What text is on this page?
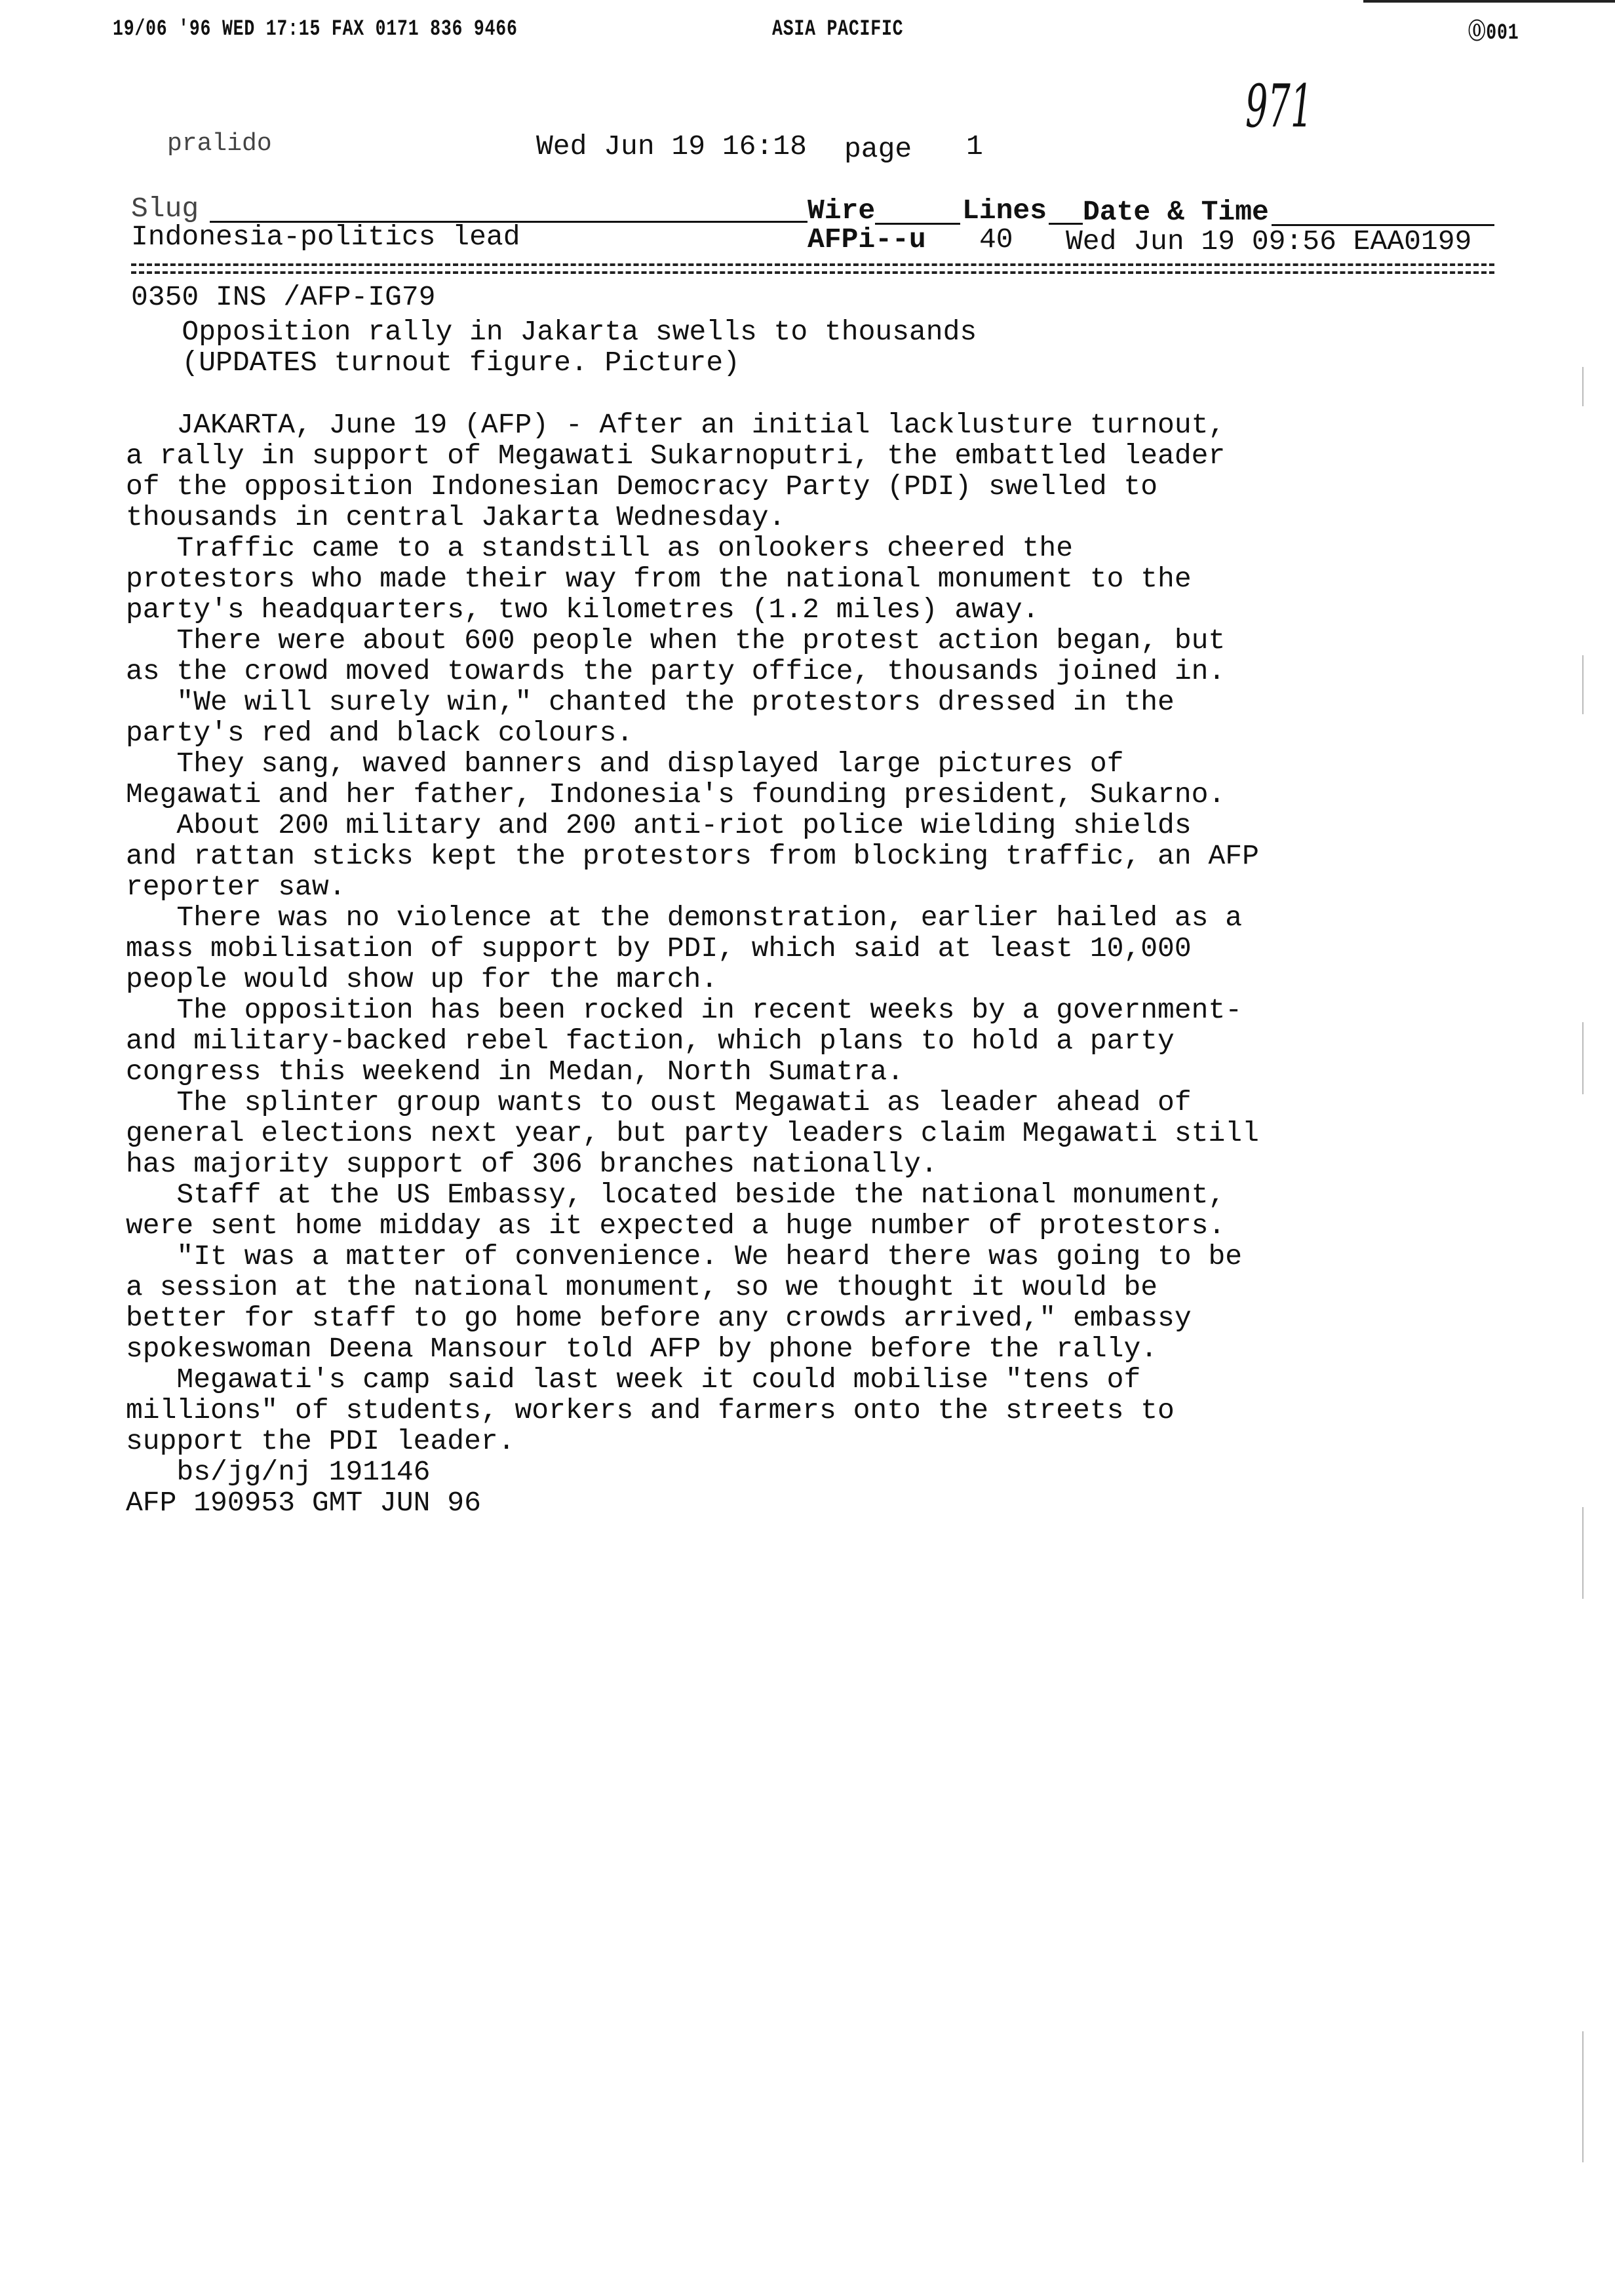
19/06 '96 WED 17:15 FAX 0171 836 9466	ASIA PACIFIC	⓪001
971
pralido	Wed Jun 19 16:18 page 1
Slug	Wire	Lines Date & Time
Indonesia-politics lead	AFPi--u 40 Wed Jun 19 09:56 EAA0199
0350 INS /AFP-IG79
Opposition rally in Jakarta swells to thousands
(UPDATES turnout figure. Picture)
JAKARTA, June 19 (AFP) - After an initial lacklusture turnout,
a rally in support of Megawati Sukarnoputri, the embattled leader
of the opposition Indonesian Democracy Party (PDI) swelled to
thousands in central Jakarta Wednesday.
Traffic came to a standstill as onlookers cheered the
protestors who made their way from the national monument to the
party's headquarters, two kilometres (1.2 miles) away.
There were about 600 people when the protest action began, but
as the crowd moved towards the party office, thousands joined in.
"We will surely win," chanted the protestors dressed in the
party's red and black colours.
They sang, waved banners and displayed large pictures of
Megawati and her father, Indonesia's founding president, Sukarno.
About 200 military and 200 anti-riot police wielding shields
and rattan sticks kept the protestors from blocking traffic, an AFP
reporter saw.
There was no violence at the demonstration, earlier hailed as a
mass mobilisation of support by PDI, which said at least 10,000
people would show up for the march.
The opposition has been rocked in recent weeks by a government-
and military-backed rebel faction, which plans to hold a party
congress this weekend in Medan, North Sumatra.
The splinter group wants to oust Megawati as leader ahead of
general elections next year, but party leaders claim Megawati still
has majority support of 306 branches nationally.
Staff at the US Embassy, located beside the national monument,
were sent home midday as it expected a huge number of protestors.
"It was a matter of convenience. We heard there was going to be
a session at the national monument, so we thought it would be
better for staff to go home before any crowds arrived," embassy
spokeswoman Deena Mansour told AFP by phone before the rally.
Megawati's camp said last week it could mobilise "tens of
millions" of students, workers and farmers onto the streets to
support the PDI leader.
bs/jg/nj 191146
AFP 190953 GMT JUN 96
